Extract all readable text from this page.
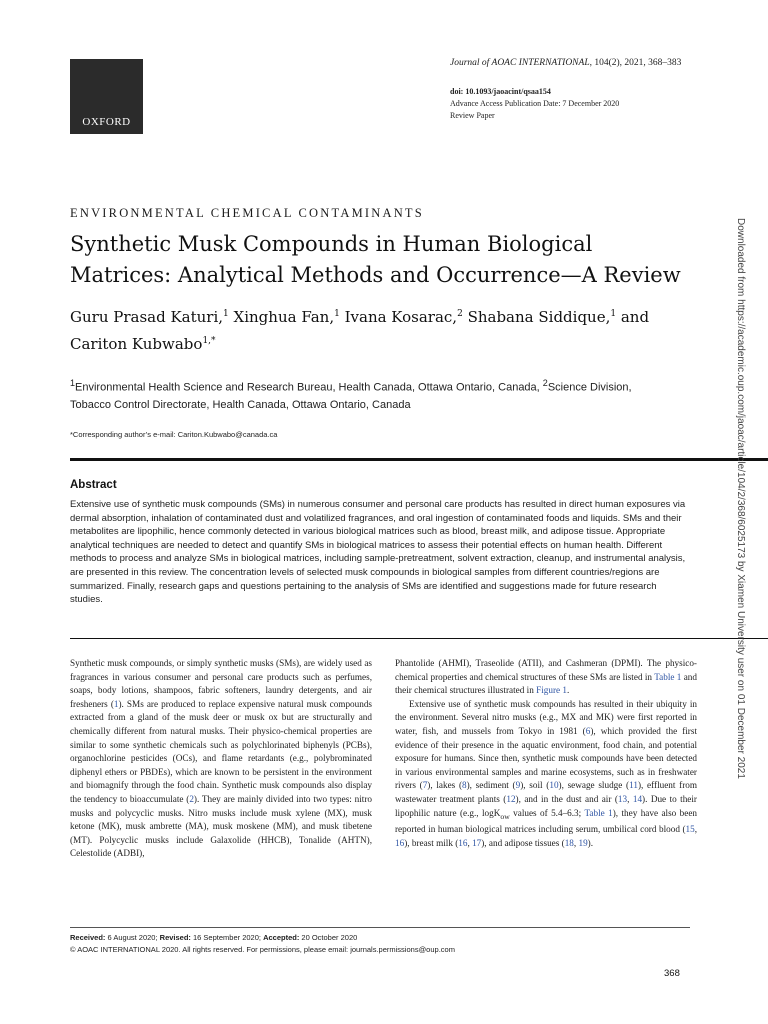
OXFORD
Journal of AOAC INTERNATIONAL, 104(2), 2021, 368–383
doi: 10.1093/jaoacint/qsaa154
Advance Access Publication Date: 7 December 2020
Review Paper
ENVIRONMENTAL CHEMICAL CONTAMINANTS
Synthetic Musk Compounds in Human Biological
Matrices: Analytical Methods and Occurrence—A Review
Guru Prasad Katuri,$^1$ Xinghua Fan,$^1$ Ivana Kosarac,$^2$ Shabana Siddique,$^1$ and Cariton Kubwabo$^{1,*}$
$^1$Environmental Health Science and Research Bureau, Health Canada, Ottawa Ontario, Canada, $^2$Science Division, Tobacco Control Directorate, Health Canada, Ottawa Ontario, Canada
*Corresponding author’s e-mail: Cariton.Kubwabo@canada.ca
Abstract
Extensive use of synthetic musk compounds (SMs) in numerous consumer and personal care products has resulted in direct human exposures via dermal absorption, inhalation of contaminated dust and volatilized fragrances, and oral ingestion of contaminated foods and liquids. SMs and their metabolites are lipophilic, hence commonly detected in various biological matrices such as blood, breast milk, and adipose tissue. Appropriate analytical techniques are needed to detect and quantify SMs in biological matrices to assess their potential effects on human health. Different methods to process and analyze SMs in biological matrices, including sample-pretreatment, solvent extraction, cleanup, and instrumental analysis, are presented in this review. The concentration levels of selected musk compounds in biological samples from different countries/regions are summarized. Finally, research gaps and questions pertaining to the analysis of SMs are identified and suggestions made for future research studies.

Synthetic musk compounds, or simply synthetic musks (SMs), are widely used as fragrances in various consumer and personal care products such as perfumes, soaps, body lotions, shampoos, fabric softeners, laundry detergents, and air fresheners (1). SMs are produced to replace expensive natural musk compounds extracted from a gland of the musk deer or musk ox but are structurally and chemically different from natural musks. Their physico-chemical properties are similar to some synthetic chemicals such as polychlorinated biphenyls (PCBs), organochlorine pesticides (OCs), and flame retardants (e.g., polybrominated diphenyl ethers or PBDEs), which are known to be persistent in the environment and biomagnify through the food chain. Synthetic musk compounds also display the tendency to bioaccumulate (2). They are mainly divided into two types: nitro musks and polycyclic musks. Nitro musks include musk xylene (MX), musk ketone (MK), musk ambrette (MA), musk moskene (MM), and musk tibetene (MT). Polycyclic musks include Galaxolide (HHCB), Tonalide (AHTN), Celestolide (ADBI),

Phantolide (AHMI), Traseolide (ATII), and Cashmeran (DPMI). The physico-chemical properties and chemical structures of these SMs are listed in Table 1 and their chemical structures illustrated in Figure 1.

Extensive use of synthetic musk compounds has resulted in their ubiquity in the environment. Several nitro musks (e.g., MX and MK) were first reported in water, fish, and mussels from Tokyo in 1981 (6), which provided the first evidence of their presence in the aquatic environment, food chain, and potential exposure for humans. Since then, synthetic musk compounds have been detected in various environmental samples and marine ecosystems, such as in freshwater rivers (7), lakes (8), sediment (9), soil (10), sewage sludge (11), effluent from wastewater treatment plants (12), and in the dust and air (13, 14). Due to their lipophilic nature (e.g., logK$_{ow}$ values of 5.4–6.3; Table 1), they have also been reported in human biological matrices including serum, umbilical cord blood (15, 16), breast milk (16, 17), and adipose tissues (18, 19).

Downloaded from https://academic.oup.com/jaoac/article/104/2/368/6025173 by Xiamen University user on 01 December 2021
Received: 6 August 2020; Revised: 16 September 2020; Accepted: 20 October 2020
© AOAC INTERNATIONAL 2020. All rights reserved. For permissions, please email: journals.permissions@oup.com
368
